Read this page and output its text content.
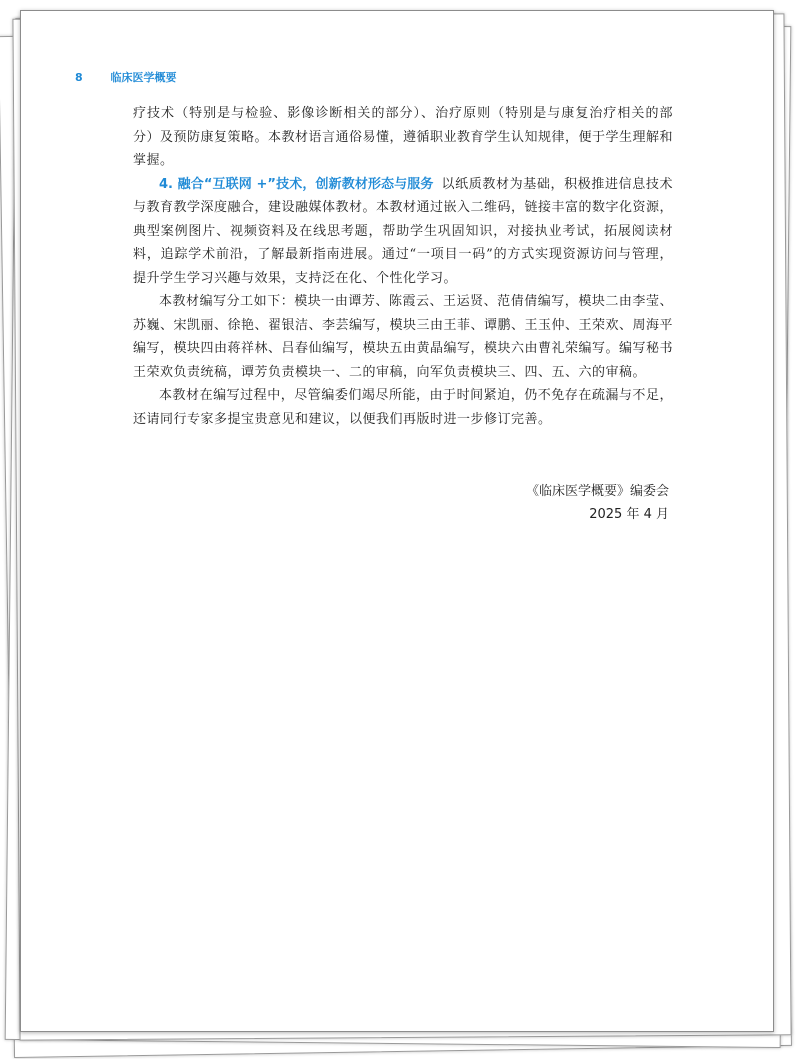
8	临床医学概要

疗技术（特别是与检验、影像诊断相关的部分）、治疗原则（特别是与康复治疗相关的部分）及预防康复策略。本教材语言通俗易懂，遵循职业教育学生认知规律，便于学生理解和掌握。

4. 融合“互联网 +”技术，创新教材形态与服务 以纸质教材为基础，积极推进信息技术与教育教学深度融合，建设融媒体教材。本教材通过嵌入二维码，链接丰富的数字化资源，典型案例图片、视频资料及在线思考题，帮助学生巩固知识，对接执业考试，拓展阅读材料，追踪学术前沿，了解最新指南进展。通过“一项目一码”的方式实现资源访问与管理，提升学生学习兴趣与效果，支持泛在化、个性化学习。

本教材编写分工如下：模块一由谭芳、陈霞云、王运贤、范倩倩编写，模块二由李莹、苏巍、宋凯丽、徐艳、翟银洁、李芸编写，模块三由王菲、谭鹏、王玉仲、王荣欢、周海平编写，模块四由蒋祥林、吕春仙编写，模块五由黄晶编写，模块六由曹礼荣编写。编写秘书王荣欢负责统稿，谭芳负责模块一、二的审稿，向军负责模块三、四、五、六的审稿。

本教材在编写过程中，尽管编委们竭尽所能，由于时间紧迫，仍不免存在疏漏与不足，还请同行专家多提宝贵意见和建议，以便我们再版时进一步修订完善。

《临床医学概要》编委会
2025 年 4 月
